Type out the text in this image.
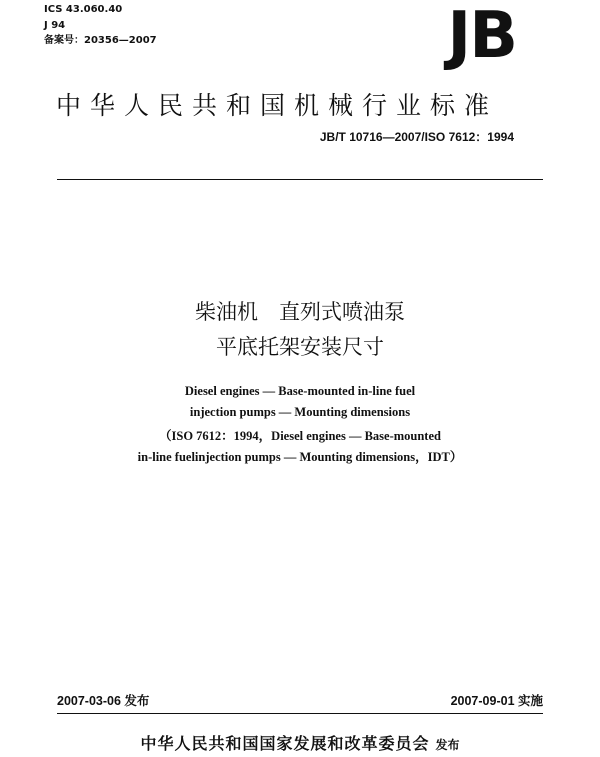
ICS 43.060.40
J 94
备案号：20356—2007	JB
中华人民共和国机械行业标准
JB/T 10716—2007/ISO 7612：1994
柴油机　直列式喷油泵
平底托架安装尺寸
Diesel engines — Base-mounted in-line fuel
injection pumps — Mounting dimensions
（ISO 7612：1994，Diesel engines — Base-mounted
in-line fuelinjection pumps — Mounting dimensions，IDT）
2007-03-06 发布	2007-09-01 实施
中华人民共和国国家发展和改革委员会 发布
